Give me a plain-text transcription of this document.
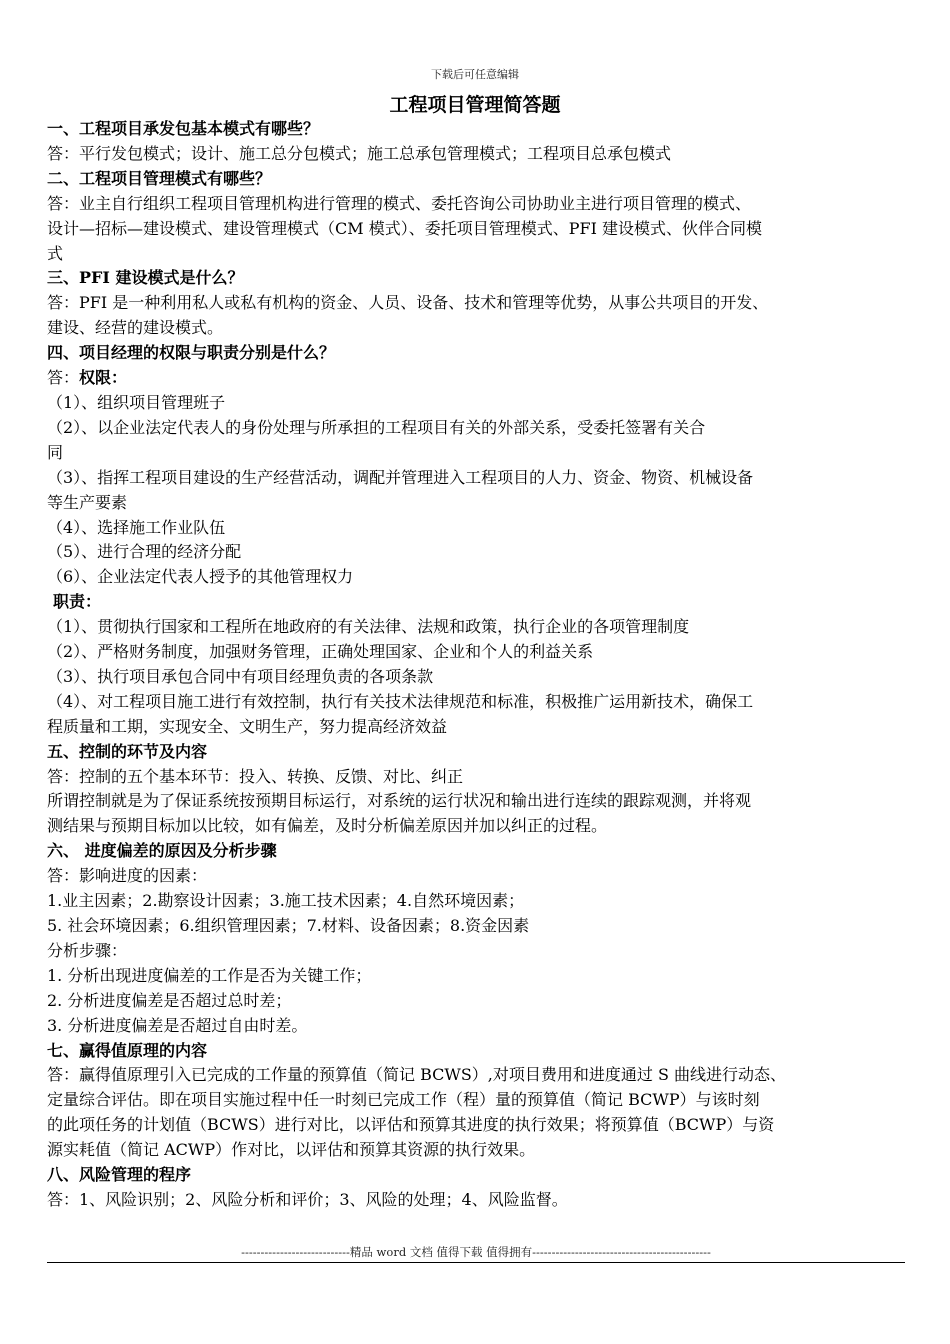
下载后可任意编辑
工程项目管理简答题

一、工程项目承发包基本模式有哪些？

答：平行发包模式；设计、施工总分包模式；施工总承包管理模式；工程项目总承包模式

二、工程项目管理模式有哪些？

答：业主自行组织工程项目管理机构进行管理的模式、委托咨询公司协助业主进行项目管理的模式、

设计—招标—建设模式、建设管理模式（CM 模式）、委托项目管理模式、PFI 建设模式、伙伴合同模

式

三、PFI 建设模式是什么？

答：PFI 是一种利用私人或私有机构的资金、人员、设备、技术和管理等优势，从事公共项目的开发、

建设、经营的建设模式。

四、项目经理的权限与职责分别是什么？

答：权限：

（1）、组织项目管理班子

（2）、以企业法定代表人的身份处理与所承担的工程项目有关的外部关系，受委托签署有关合

同

（3）、指挥工程项目建设的生产经营活动，调配并管理进入工程项目的人力、资金、物资、机械设备

等生产要素

（4）、选择施工作业队伍

（5）、进行合理的经济分配

（6）、企业法定代表人授予的其他管理权力

职责：

（1）、贯彻执行国家和工程所在地政府的有关法律、法规和政策，执行企业的各项管理制度

（2）、严格财务制度，加强财务管理，正确处理国家、企业和个人的利益关系

（3）、执行项目承包合同中有项目经理负责的各项条款

（4）、对工程项目施工进行有效控制，执行有关技术法律规范和标准，积极推广运用新技术，确保工

程质量和工期，实现安全、文明生产，努力提高经济效益

五、控制的环节及内容

答：控制的五个基本环节：投入、转换、反馈、对比、纠正

所谓控制就是为了保证系统按预期目标运行，对系统的运行状况和输出进行连续的跟踪观测，并将观

测结果与预期目标加以比较，如有偏差，及时分析偏差原因并加以纠正的过程。

六、 进度偏差的原因及分析步骤

答：影响进度的因素：

1.业主因素；2.勘察设计因素；3.施工技术因素；4.自然环境因素；

5. 社会环境因素；6.组织管理因素；7.材料、设备因素；8.资金因素

分析步骤：

1. 分析出现进度偏差的工作是否为关键工作；

2. 分析进度偏差是否超过总时差；

3. 分析进度偏差是否超过自由时差。

七、赢得值原理的内容

答：赢得值原理引入已完成的工作量的预算值（简记 BCWS）,对项目费用和进度通过 S 曲线进行动态、

定量综合评估。即在项目实施过程中任一时刻已完成工作（程）量的预算值（简记 BCWP）与该时刻

的此项任务的计划值（BCWS）进行对比，以评估和预算其进度的执行效果；将预算值（BCWP）与资

源实耗值（简记 ACWP）作对比，以评估和预算其资源的执行效果。

八、风险管理的程序

答：1、风险识别；2、风险分析和评价；3、风险的处理；4、风险监督。

----------------------------精品 word 文档 值得下载 值得拥有----------------------------------------------
